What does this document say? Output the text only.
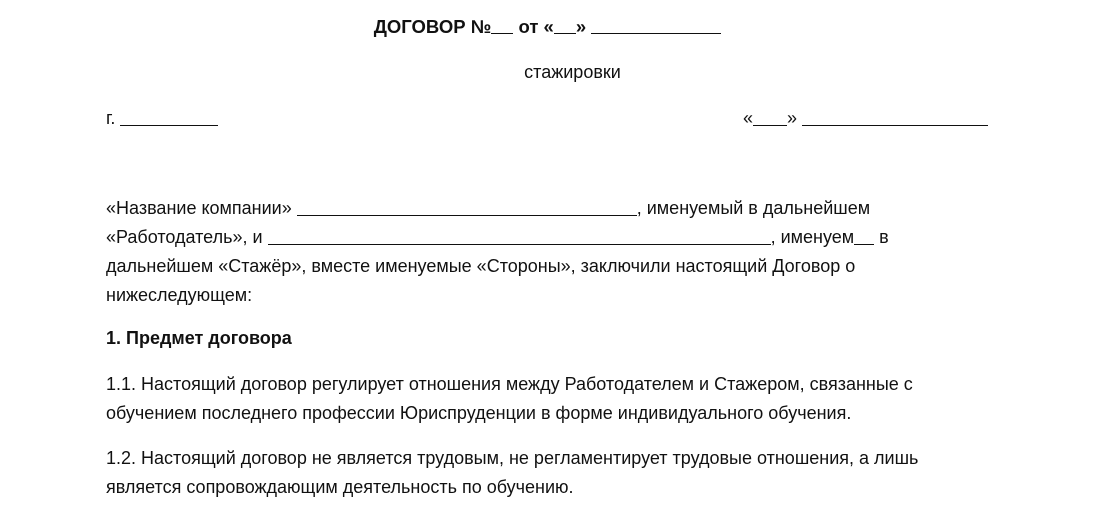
ДОГОВОР № от « »
стажировки
г.	« »
«Название компании»	, именуемый в дальнейшем
«Работодатель», и	, именуем в
дальнейшем «Стажёр», вместе именуемые «Стороны», заключили настоящий Договор о
нижеследующем:
1. Предмет договора
1.1. Настоящий договор регулирует отношения между Работодателем и Стажером, связанные с
обучением последнего профессии Юриспруденции в форме индивидуального обучения.
1.2. Настоящий договор не является трудовым, не регламентирует трудовые отношения, а лишь
является сопровождающим деятельность по обучению.
